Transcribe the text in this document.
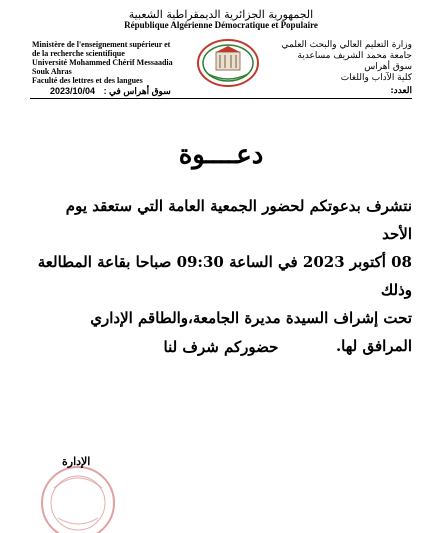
الجمهورية الجزائرية الديمقراطية الشعبية
République Algérienne Démocratique et Populaire
Ministère de l'enseignement supérieur et
de la recherche scientifique
Université Mohammed Chérif Messaadia
Souk Ahras
Faculté des lettres et des langues
وزارة التعليم العالي والبحث العلمي
جامعة محمد الشريف مساعدية
سوق أهراس
كلية الآداب واللغات
2023/10/04 سوق أهراس في :	العدد:
دعــــوة
نتشرف بدعوتكم لحضور الجمعية العامة التي ستعقد يوم الأحد
08 أكتوبر 2023 في الساعة 09:30 صباحا بقاعة المطالعة وذلك
تحت إشراف السيدة مديرة الجامعة،والطاقم الإداري المرافق لها.
حضوركم شرف لنا
الإدارة
